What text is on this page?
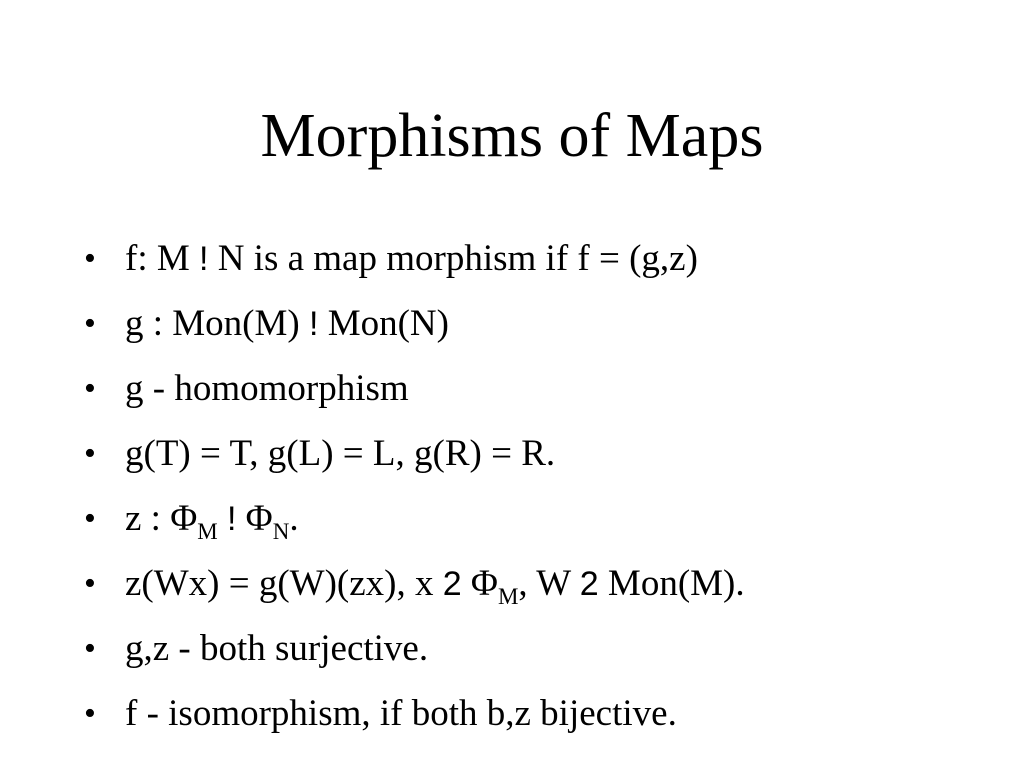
Morphisms of Maps
• f: M ! N is a map morphism if f = (g,z)
• g : Mon(M) ! Mon(N)
• g - homomorphism
• g(T) = T, g(L) = L, g(R) = R.
• z : $\Phi_M$ ! $\Phi_N$.
• z(Wx) = g(W)(zx), x 2 $\Phi_M$, W 2 Mon(M).
• g,z - both surjective.
• f - isomorphism, if both b,z bijective.
